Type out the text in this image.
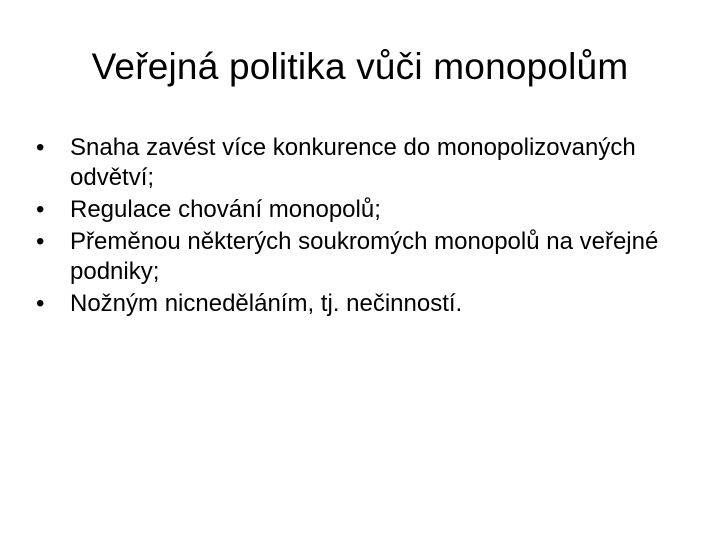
Veřejná politika vůči monopolům
•	Snaha zavést více konkurence do monopolizovaných odvětví;
•	Regulace chování monopolů;
•	Přeměnou některých soukromých monopolů na veřejné podniky;
•	Nožným nicneděláním, tj. nečinností.
